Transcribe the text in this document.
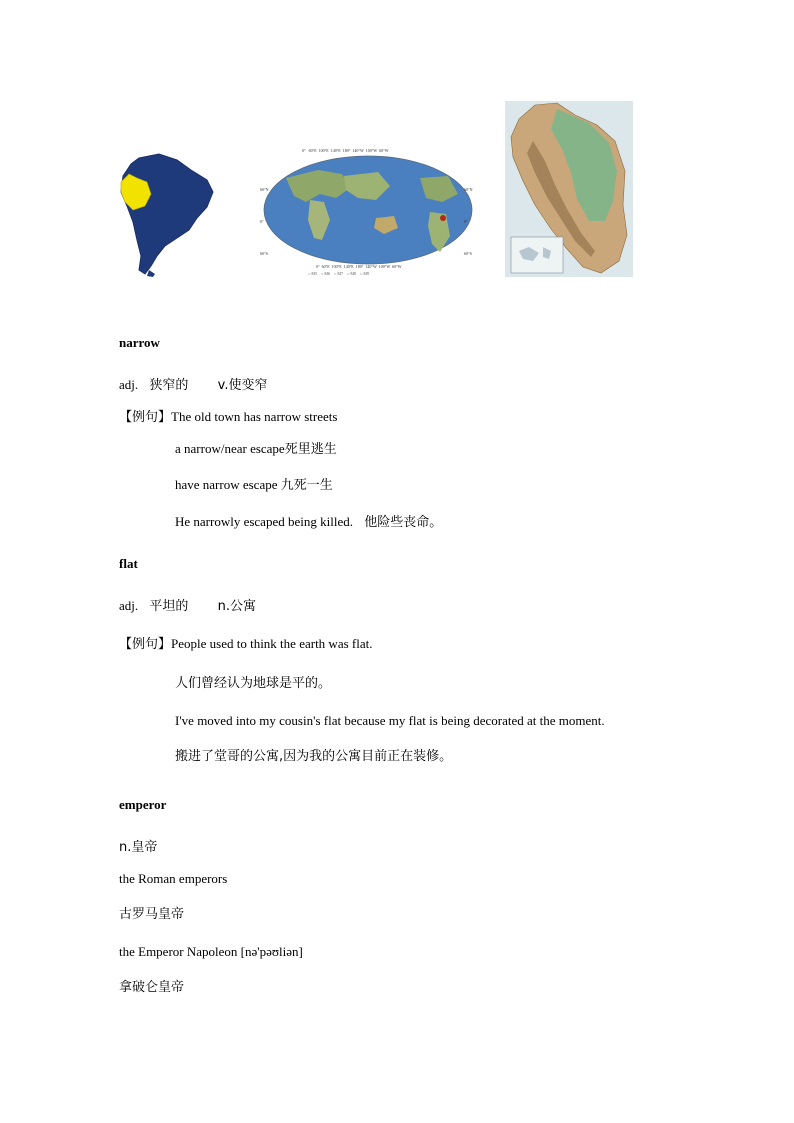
0° 60°E 100°E 140°E 180° 140°W 100°W 60°W
0° 60°E 100°E 140°E 180° 140°W 100°W 60°W
60°N
0°
60°S
60°N
0°
60°S
○ M5    ○ M6    ○ M7    ○ M8    ○ M9
narrow
adj. 狭窄的 v.使变窄
【例句】The old town has narrow streets
a narrow/near escape死里逃生
have narrow escape 九死一生
He narrowly escaped being killed. 他险些丧命。
flat
adj. 平坦的 n.公寓
【例句】People used to think the earth was flat.
人们曾经认为地球是平的。
I've moved into my cousin's flat because my flat is being decorated at the moment.
搬进了堂哥的公寓,因为我的公寓目前正在装修。
emperor
n.皇帝
the Roman emperors
古罗马皇帝
the Emperor Napoleon [nə'pəʊliən]
拿破仑皇帝
